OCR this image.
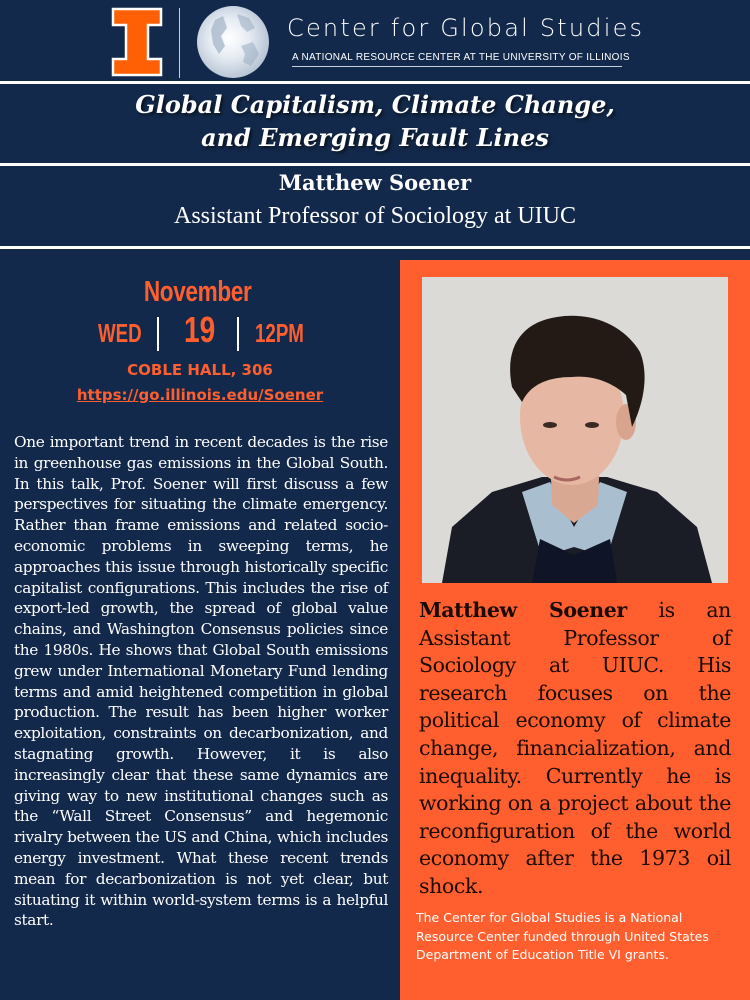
Center for Global Studies
A NATIONAL RESOURCE CENTER AT THE UNIVERSITY OF ILLINOIS
Global Capitalism, Climate Change,
and Emerging Fault Lines
Matthew Soener
Assistant Professor of Sociology at UIUC
November
WED 19 12PM
COBLE HALL, 306
https://go.illinois.edu/Soener
One important trend in recent decades is the rise in greenhouse gas emissions in the Global South. In this talk, Prof. Soener will first discuss a few perspectives for situating the climate emergency. Rather than frame emissions and related socio-economic problems in sweeping terms, he approaches this issue through historically specific capitalist configurations. This includes the rise of export-led growth, the spread of global value chains, and Washington Consensus policies since the 1980s. He shows that Global South emissions grew under International Monetary Fund lending terms and amid heightened competition in global production. The result has been higher worker exploitation, constraints on decarbonization, and stagnating growth. However, it is also increasingly clear that these same dynamics are giving way to new institutional changes such as the “Wall Street Consensus” and hegemonic rivalry between the US and China, which includes energy investment. What these recent trends mean for decarbonization is not yet clear, but situating it within world-system terms is a helpful start.
Matthew Soener is an Assistant Professor of Sociology at UIUC. His research focuses on the political economy of climate change, financialization, and inequality. Currently he is working on a project about the reconfiguration of the world economy after the 1973 oil shock.
The Center for Global Studies is a National Resource Center funded through United States Department of Education Title VI grants.
